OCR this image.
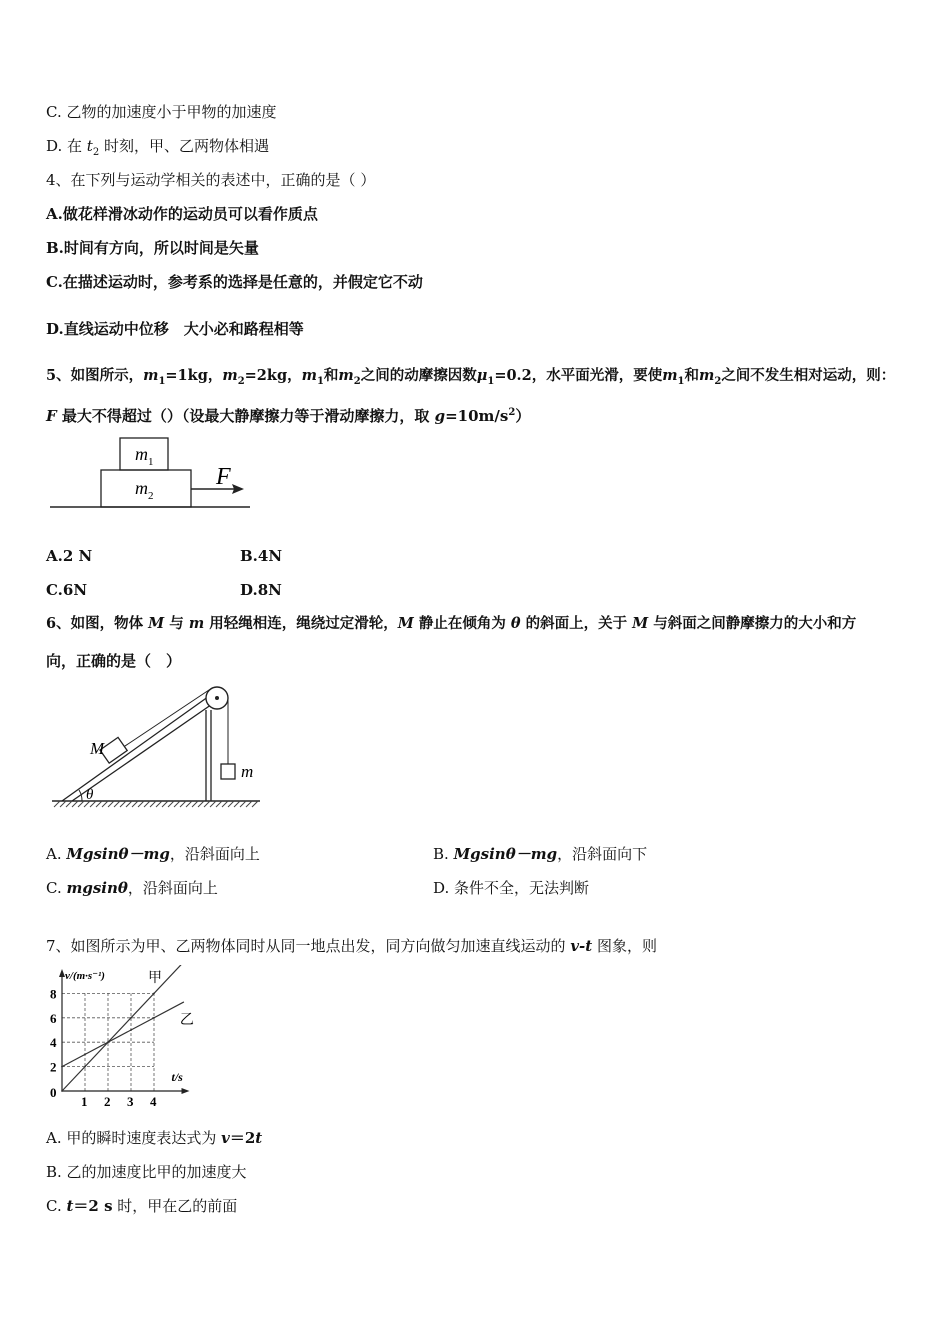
C. 乙物的加速度小于甲物的加速度
D. 在 $t_2$ 时刻，甲、乙两物体相遇
4、在下列与运动学相关的表述中，正确的是（ ）
A.做花样滑冰动作的运动员可以看作质点
B.时间有方向，所以时间是矢量
C.在描述运动时，参考系的选择是任意的，并假定它不动
D.直线运动中位移　大小必和路程相等
5、如图所示，$m_1=1kg$，$m_2=2kg$，$m_1$和$m_2$之间的动摩擦因数$\mu_1=0.2$，水平面光滑，要使$m_1$和$m_2$之间不发生相对运动，则：
F 最大不得超过（）（设最大静摩擦力等于滑动摩擦力，取 $g=10m/s^2$）
$m_1$
$m_2$
F
A.2 N	B.4N
C.6N	D.8N
6、如图，物体 M 与 m 用轻绳相连，绳绕过定滑轮，M 静止在倾角为 θ 的斜面上，关于 M 与斜面之间静摩擦力的大小和方
向，正确的是（　）
M
m
θ
A. Mgsinθ－mg，沿斜面向上	B. Mgsinθ－mg，沿斜面向下
C. mgsinθ，沿斜面向上	D. 条件不全，无法判断
7、如图所示为甲、乙两物体同时从同一地点出发，同方向做匀加速直线运动的 v-t 图象，则
1 2 3 4
2
4
6
8
0
v/(m·s⁻¹)
t/s
甲
乙
A. 甲的瞬时速度表达式为 v＝2t
B. 乙的加速度比甲的加速度大
C. t＝2 s 时，甲在乙的前面
